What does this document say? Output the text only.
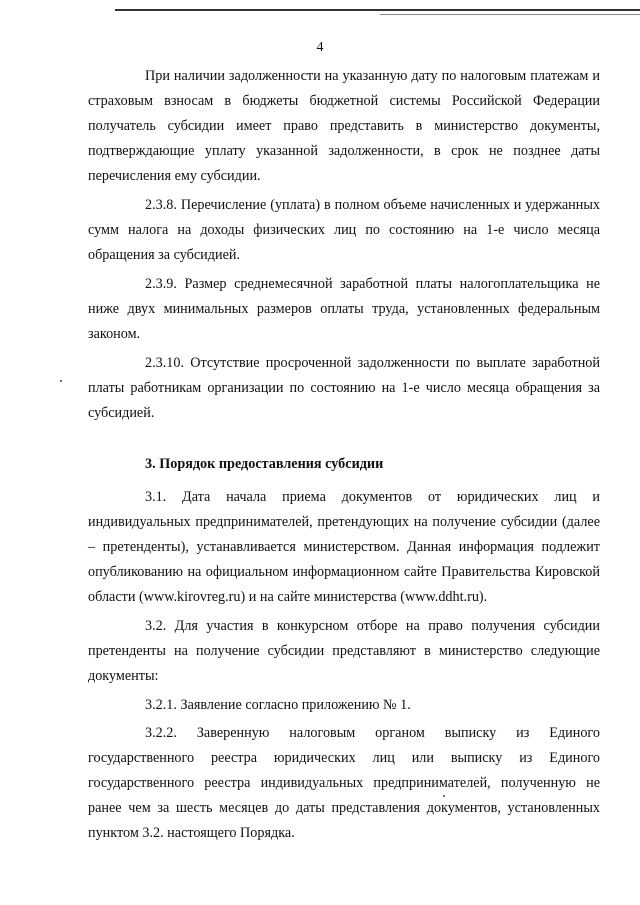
4

При наличии задолженности на указанную дату по налоговым платежам и страховым взносам в бюджеты бюджетной системы Российской Федерации получатель субсидии имеет право представить в министерство документы, подтверждающие уплату указанной задолженности, в срок не позднее даты перечисления ему субсидии.

2.3.8. Перечисление (уплата) в полном объеме начисленных и удержанных сумм налога на доходы физических лиц по состоянию на 1-е число месяца обращения за субсидией.

2.3.9. Размер среднемесячной заработной платы налогоплательщика не ниже двух минимальных размеров оплаты труда, установленных федеральным законом.

2.3.10. Отсутствие просроченной задолженности по выплате заработной платы работникам организации по состоянию на 1-е число месяца обращения за субсидией.

3. Порядок предоставления субсидии

3.1. Дата начала приема документов от юридических лиц и индивидуальных предпринимателей, претендующих на получение субсидии (далее – претенденты), устанавливается министерством. Данная информация подлежит опубликованию на официальном информационном сайте Правительства Кировской области (www.kirovreg.ru) и на сайте министерства (www.ddht.ru).

3.2. Для участия в конкурсном отборе на право получения субсидии претенденты на получение субсидии представляют в министерство следующие документы:

3.2.1. Заявление согласно приложению № 1.

3.2.2. Заверенную налоговым органом выписку из Единого государственного реестра юридических лиц или выписку из Единого государственного реестра индивидуальных предпринимателей, полученную не ранее чем за шесть месяцев до даты представления документов, установленных пунктом 3.2. настоящего Порядка.
